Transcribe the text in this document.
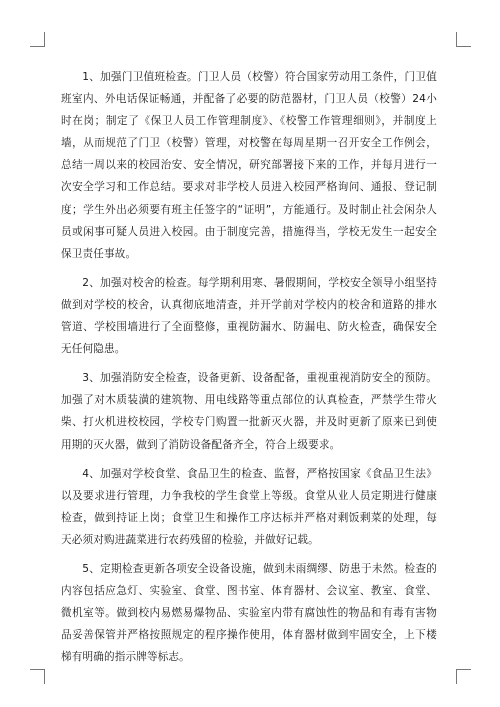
1、加强门卫值班检查。门卫人员（校警）符合国家劳动用工条件，门卫值班室内、外电话保证畅通，并配备了必要的防范器材，门卫人员（校警）24小时在岗；制定了《保卫人员工作管理制度》、《校警工作管理细则》，并制度上墙，从而规范了门卫（校警）管理，对校警在每周星期一召开安全工作例会，总结一周以来的校园治安、安全情况，研究部署接下来的工作，并每月进行一次安全学习和工作总结。要求对非学校人员进入校园严格询问、通报、登记制度；学生外出必须要有班主任签字的“证明”，方能通行。及时制止社会闲杂人员或闲事可疑人员进入校园。由于制度完善，措施得当，学校无发生一起安全保卫责任事故。

2、加强对校舍的检查。每学期利用寒、暑假期间，学校安全领导小组坚持做到对学校的校舍，认真彻底地清查，并开学前对学校内的校舍和道路的排水管道、学校围墙进行了全面整修，重视防漏水、防漏电、防火检查，确保安全无任何隐患。

3、加强消防安全检查，设备更新、设备配备，重视重视消防安全的预防。加强了对木质装潢的建筑物、用电线路等重点部位的认真检查，严禁学生带火柴、打火机进校校园，学校专门购置一批新灭火器，并及时更新了原来已到使用期的灭火器，做到了消防设备配备齐全，符合上级要求。

4、加强对学校食堂、食品卫生的检查、监督，严格按国家《食品卫生法》以及要求进行管理，力争我校的学生食堂上等级。食堂从业人员定期进行健康检查，做到持证上岗；食堂卫生和操作工序达标并严格对剩饭剩菜的处理，每天必须对购进蔬菜进行农药残留的检验，并做好记载。

5、定期检查更新各项安全设备设施，做到未雨绸缪、防患于未然。检查的内容包括应急灯、实验室、食堂、图书室、体育器材、会议室、教室、食堂、微机室等。做到校内易燃易爆物品、实验室内带有腐蚀性的物品和有毒有害物品妥善保管并严格按照规定的程序操作使用，体育器材做到牢固安全，上下楼梯有明确的指示牌等标志。
